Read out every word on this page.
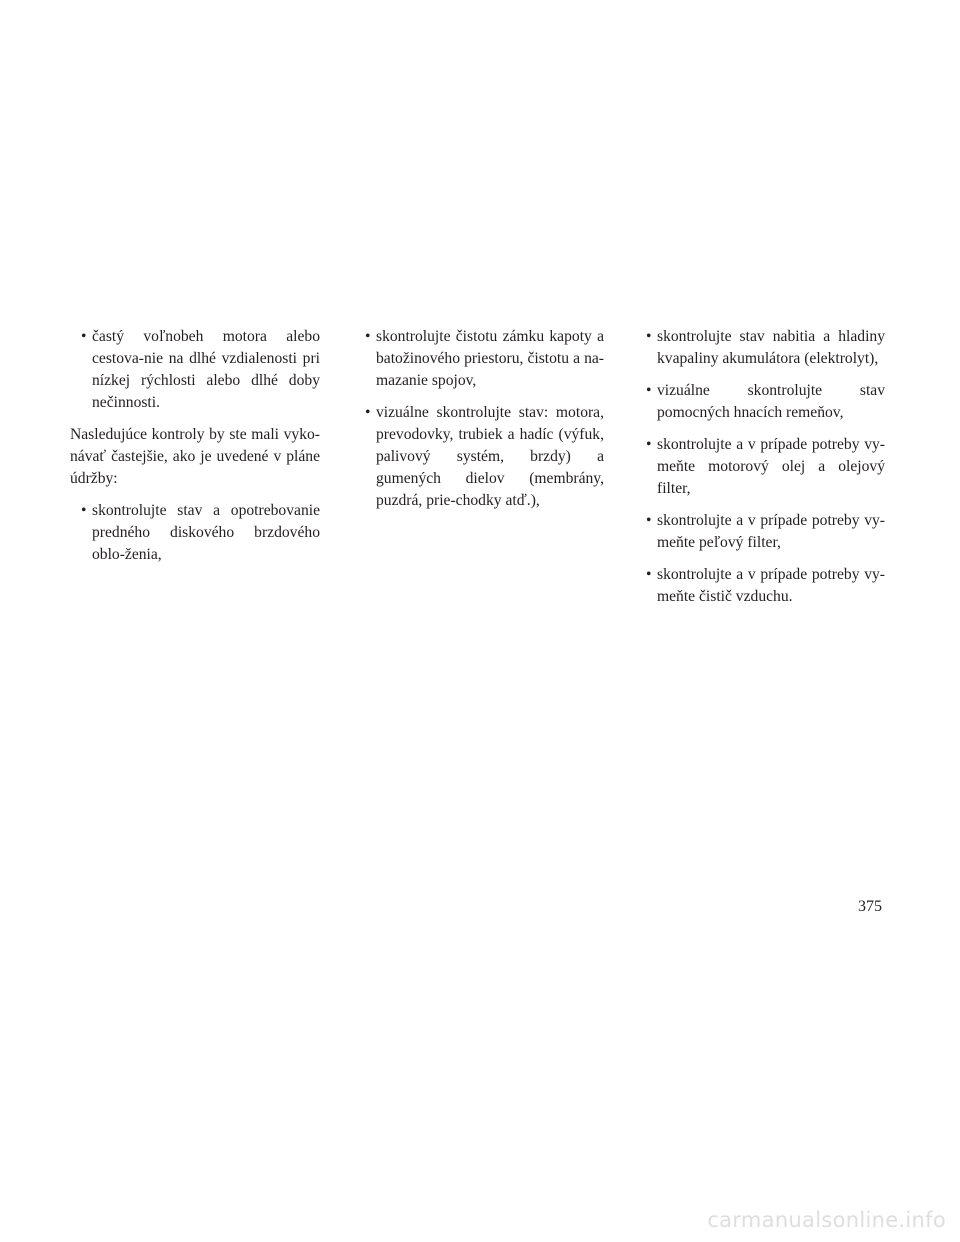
• častý voľnobeh motora alebo cestova-nie na dlhé vzdialenosti pri nízkej rýchlosti alebo dlhé doby nečinnosti.

Nasledujúce kontroly by ste mali vyko-návať častejšie, ako je uvedené v pláne údržby:

• skontrolujte stav a opotrebovanie predného diskového brzdového oblo-ženia,

• skontrolujte čistotu zámku kapoty a batožinového priestoru, čistotu a na-mazanie spojov,

• vizuálne skontrolujte stav: motora, prevodovky, trubiek a hadíc (výfuk, palivový systém, brzdy) a gumených dielov (membrány, puzdrá, prie-chodky atď.),

• skontrolujte stav nabitia a hladiny kvapaliny akumulátora (elektrolyt),

• vizuálne skontrolujte stav pomocných hnacích remeňov,

• skontrolujte a v prípade potreby vy-meňte motorový olej a olejový filter,

• skontrolujte a v prípade potreby vy-meňte peľový filter,

• skontrolujte a v prípade potreby vy-meňte čistič vzduchu.

375
carmanualsonline.info
